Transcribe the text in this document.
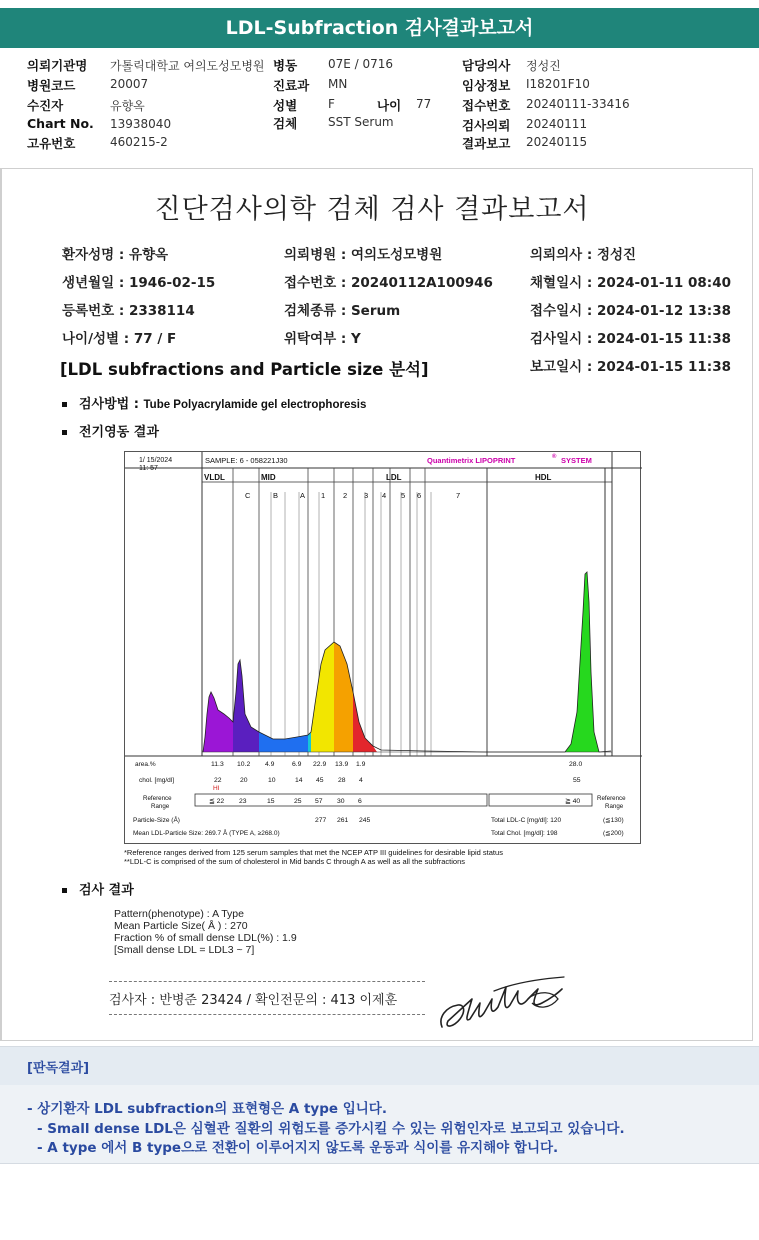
LDL-Subfraction 검사결과보고서
의뢰기관명 가톨릭대학교 여의도성모병원 병동	07E / 0716	담당의사 정성진
병원코드	20007	진료과 MN	임상정보 I18201F10
수진자	유향옥	성별	F	나이 77 접수번호 20240111-33416
Chart No. 13938040	검체	SST Serum	검사의뢰 20240111
고유번호	460215-2	결과보고 20240115
진단검사의학 검체 검사 결과보고서
환자성명 : 유향옥
생년월일 : 1946-02-15
등록번호 : 2338114
나이/성별 : 77 / F
의뢰병원 : 여의도성모병원
접수번호 : 20240112A100946
검체종류 : Serum
위탁여부 : Y
의뢰의사 : 정성진
채혈일시 : 2024-01-11 08:40
접수일시 : 2024-01-12 13:38
검사일시 : 2024-01-15 11:38
보고일시 : 2024-01-15 11:38
[LDL subfractions and Particle size 분석]
검사방법 : Tube Polyacrylamide gel electrophoresis
전기영동 결과
1/ 15/2024
11: 57
SAMPLE: 6 - 058221J30	Quantimetrix LIPOPRINT	® SYSTEM
VLDL	MID	LDL	HDL
C	B	A 1 2 3 4 5 6	7
area.%	11.3 10.2 4.9	6.9 22.9 13.9 1.9	28.0
chol. [mg/dl]	22	20	10	14 45 28 4	55
HI
Reference
Range
Reference
Range
≦ 22 23	15	25 57 30 6	≧ 40
Particle-Size (Å)	277 261 245
Mean LDL-Particle Size: 269.7 Å (TYPE A, ≥268.0)
Total LDL-C [mg/dl]: 120	(≦130)
Total Chol. [mg/dl]: 198	(≦200)
*Reference ranges derived from 125 serum samples that met the NCEP ATP III guidelines for desirable lipid status
**LDL-C is comprised of the sum of cholesterol in Mid bands C through A as well as all the subfractions
검사 결과
Pattern(phenotype) : A Type
Mean Particle Size( Å ) : 270
Fraction % of small dense LDL(%) : 1.9
[Small dense LDL = LDL3 ~ 7]
검사자 : 반병준 23424 / 확인전문의 : 413 이제훈
[판독결과]
- 상기환자 LDL subfraction의 표현형은 A type 입니다.
- Small dense LDL은 심혈관 질환의 위험도를 증가시킬 수 있는 위험인자로 보고되고 있습니다.
- A type 에서 B type으로 전환이 이루어지지 않도록 운동과 식이를 유지해야 합니다.
